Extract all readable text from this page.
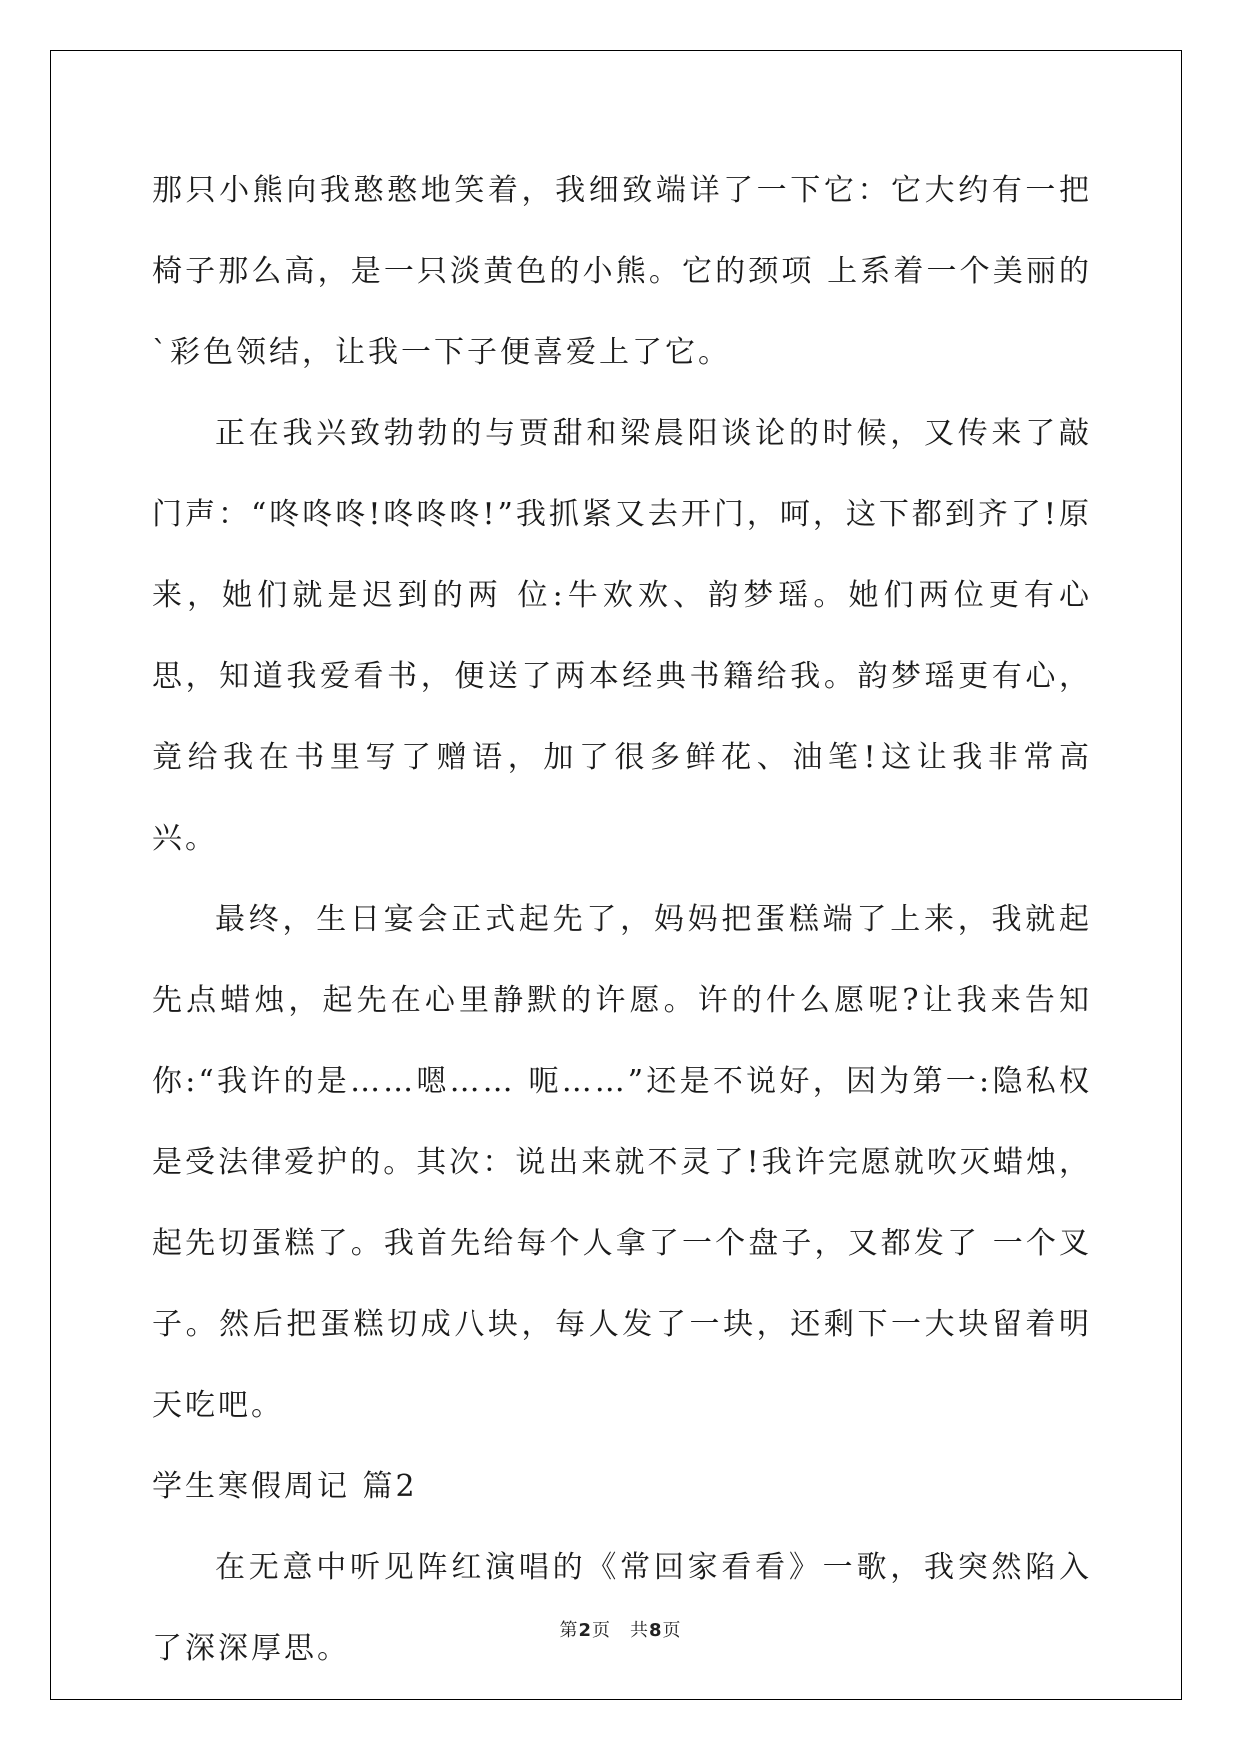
那只小熊向我憨憨地笑着，我细致端详了一下它：它大约有一把椅子那么高，是一只淡黄色的小熊。它的颈项 上系着一个美丽的`彩色领结，让我一下子便喜爱上了它。

正在我兴致勃勃的与贾甜和梁晨阳谈论的时候，又传来了敲门声：“咚咚咚!咚咚咚!”我抓紧又去开门，呵，这下都到齐了!原来，她们就是迟到的两 位:牛欢欢、韵梦瑶。她们两位更有心思，知道我爱看书，便送了两本经典书籍给我。韵梦瑶更有心，竟给我在书里写了赠语，加了很多鲜花、油笔!这让我非常高 兴。

最终，生日宴会正式起先了，妈妈把蛋糕端了上来，我就起先点蜡烛，起先在心里静默的许愿。许的什么愿呢?让我来告知你:“我许的是……嗯…… 呃……”还是不说好，因为第一:隐私权是受法律爱护的。其次：说出来就不灵了!我许完愿就吹灭蜡烛，起先切蛋糕了。我首先给每个人拿了一个盘子，又都发了 一个叉子。然后把蛋糕切成八块，每人发了一块，还剩下一大块留着明天吃吧。

学生寒假周记 篇2

在无意中听见阵红演唱的《常回家看看》一歌，我突然陷入了深深厚思。

第2页　共8页
